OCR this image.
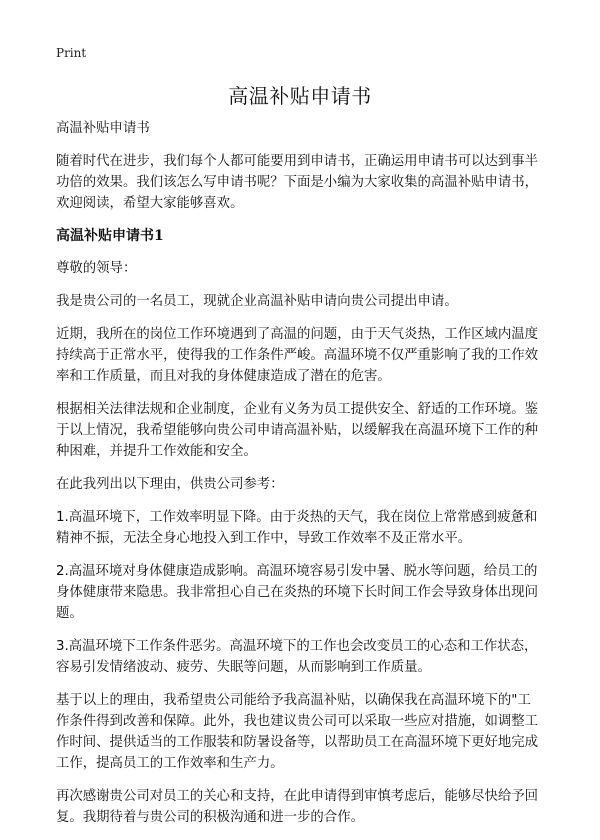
Print
高温补贴申请书

高温补贴申请书

随着时代在进步，我们每个人都可能要用到申请书，正确运用申请书可以达到事半功倍的效果。我们该怎么写申请书呢？下面是小编为大家收集的高温补贴申请书，欢迎阅读，希望大家能够喜欢。

高温补贴申请书1

尊敬的领导：

我是贵公司的一名员工，现就企业高温补贴申请向贵公司提出申请。

近期，我所在的岗位工作环境遇到了高温的问题，由于天气炎热，工作区域内温度持续高于正常水平，使得我的工作条件严峻。高温环境不仅严重影响了我的工作效率和工作质量，而且对我的身体健康造成了潜在的危害。

根据相关法律法规和企业制度，企业有义务为员工提供安全、舒适的工作环境。鉴于以上情况，我希望能够向贵公司申请高温补贴，以缓解我在高温环境下工作的种种困难，并提升工作效能和安全。

在此我列出以下理由，供贵公司参考：

1.高温环境下，工作效率明显下降。由于炎热的天气，我在岗位上常常感到疲惫和精神不振，无法全身心地投入到工作中，导致工作效率不及正常水平。

2.高温环境对身体健康造成影响。高温环境容易引发中暑、脱水等问题，给员工的身体健康带来隐患。我非常担心自己在炎热的环境下长时间工作会导致身体出现问题。

3.高温环境下工作条件恶劣。高温环境下的工作也会改变员工的心态和工作状态，容易引发情绪波动、疲劳、失眠等问题，从而影响到工作质量。

基于以上的理由，我希望贵公司能给予我高温补贴，以确保我在高温环境下的"工作条件得到改善和保障。此外，我也建议贵公司可以采取一些应对措施，如调整工作时间、提供适当的工作服装和防暑设备等，以帮助员工在高温环境下更好地完成工作，提高员工的工作效率和生产力。

再次感谢贵公司对员工的关心和支持，在此申请得到审慎考虑后，能够尽快给予回复。我期待着与贵公司的积极沟通和进一步的合作。
